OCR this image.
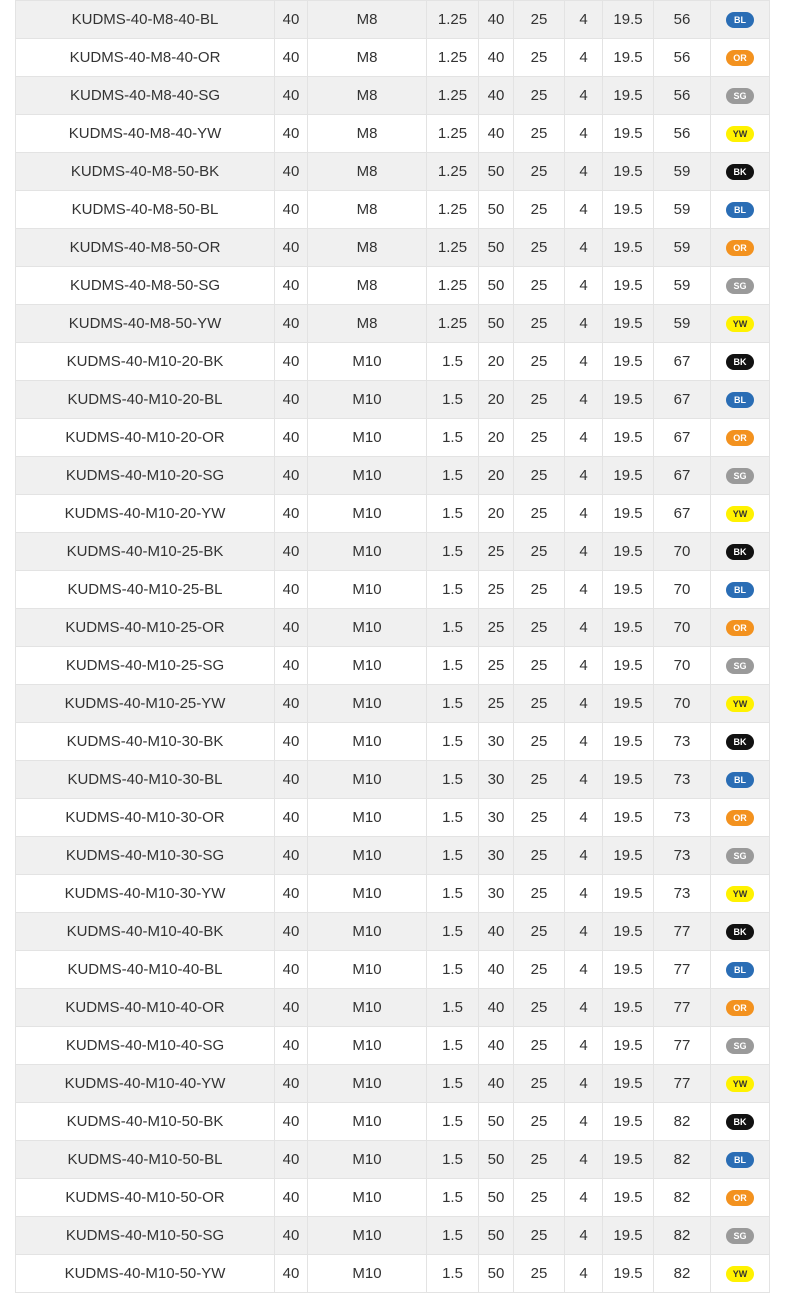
KUDMS-40-M8-40-BL	40	M8	1.25	40	25	4	19.5	56	BL
KUDMS-40-M8-40-OR	40	M8	1.25	40	25	4	19.5	56	OR
KUDMS-40-M8-40-SG	40	M8	1.25	40	25	4	19.5	56	SG
KUDMS-40-M8-40-YW	40	M8	1.25	40	25	4	19.5	56	YW
KUDMS-40-M8-50-BK	40	M8	1.25	50	25	4	19.5	59	BK
KUDMS-40-M8-50-BL	40	M8	1.25	50	25	4	19.5	59	BL
KUDMS-40-M8-50-OR	40	M8	1.25	50	25	4	19.5	59	OR
KUDMS-40-M8-50-SG	40	M8	1.25	50	25	4	19.5	59	SG
KUDMS-40-M8-50-YW	40	M8	1.25	50	25	4	19.5	59	YW
KUDMS-40-M10-20-BK	40	M10	1.5	20	25	4	19.5	67	BK
KUDMS-40-M10-20-BL	40	M10	1.5	20	25	4	19.5	67	BL
KUDMS-40-M10-20-OR	40	M10	1.5	20	25	4	19.5	67	OR
KUDMS-40-M10-20-SG	40	M10	1.5	20	25	4	19.5	67	SG
KUDMS-40-M10-20-YW	40	M10	1.5	20	25	4	19.5	67	YW
KUDMS-40-M10-25-BK	40	M10	1.5	25	25	4	19.5	70	BK
KUDMS-40-M10-25-BL	40	M10	1.5	25	25	4	19.5	70	BL
KUDMS-40-M10-25-OR	40	M10	1.5	25	25	4	19.5	70	OR
KUDMS-40-M10-25-SG	40	M10	1.5	25	25	4	19.5	70	SG
KUDMS-40-M10-25-YW	40	M10	1.5	25	25	4	19.5	70	YW
KUDMS-40-M10-30-BK	40	M10	1.5	30	25	4	19.5	73	BK
KUDMS-40-M10-30-BL	40	M10	1.5	30	25	4	19.5	73	BL
KUDMS-40-M10-30-OR	40	M10	1.5	30	25	4	19.5	73	OR
KUDMS-40-M10-30-SG	40	M10	1.5	30	25	4	19.5	73	SG
KUDMS-40-M10-30-YW	40	M10	1.5	30	25	4	19.5	73	YW
KUDMS-40-M10-40-BK	40	M10	1.5	40	25	4	19.5	77	BK
KUDMS-40-M10-40-BL	40	M10	1.5	40	25	4	19.5	77	BL
KUDMS-40-M10-40-OR	40	M10	1.5	40	25	4	19.5	77	OR
KUDMS-40-M10-40-SG	40	M10	1.5	40	25	4	19.5	77	SG
KUDMS-40-M10-40-YW	40	M10	1.5	40	25	4	19.5	77	YW
KUDMS-40-M10-50-BK	40	M10	1.5	50	25	4	19.5	82	BK
KUDMS-40-M10-50-BL	40	M10	1.5	50	25	4	19.5	82	BL
KUDMS-40-M10-50-OR	40	M10	1.5	50	25	4	19.5	82	OR
KUDMS-40-M10-50-SG	40	M10	1.5	50	25	4	19.5	82	SG
KUDMS-40-M10-50-YW	40	M10	1.5	50	25	4	19.5	82	YW
